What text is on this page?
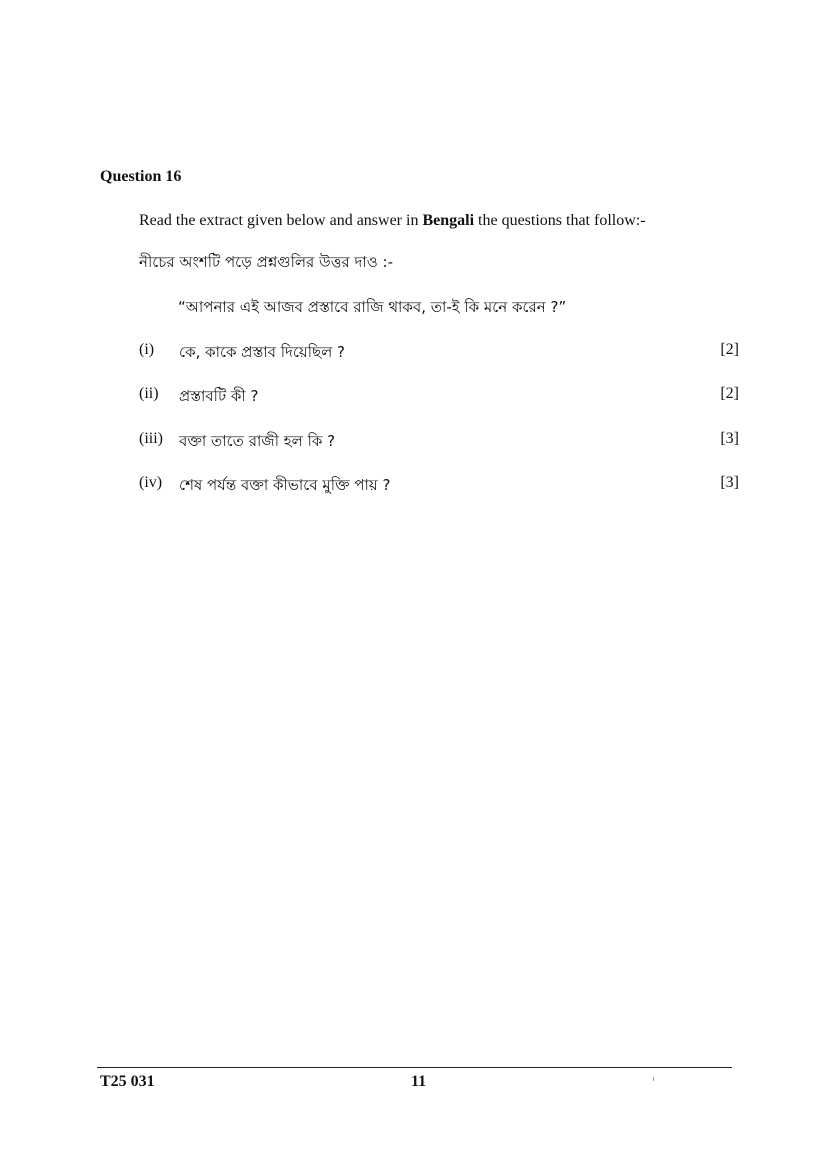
Question 16
Read the extract given below and answer in Bengali the questions that follow:-
নীচের অংশটি পড়ে প্রশ্নগুলির উত্তর দাও :-
“আপনার এই আজব প্রস্তাবে রাজি থাকব, তা-ই কি মনে করেন ?”
(i) কে, কাকে প্রস্তাব দিয়েছিল ?	[2]
(ii) প্রস্তাবটি কী ?	[2]
(iii) বক্তা তাতে রাজী হল কি ?	[3]
(iv) শেষ পর্যন্ত বক্তা কীভাবে মুক্তি পায় ?	[3]
T25 031	11
